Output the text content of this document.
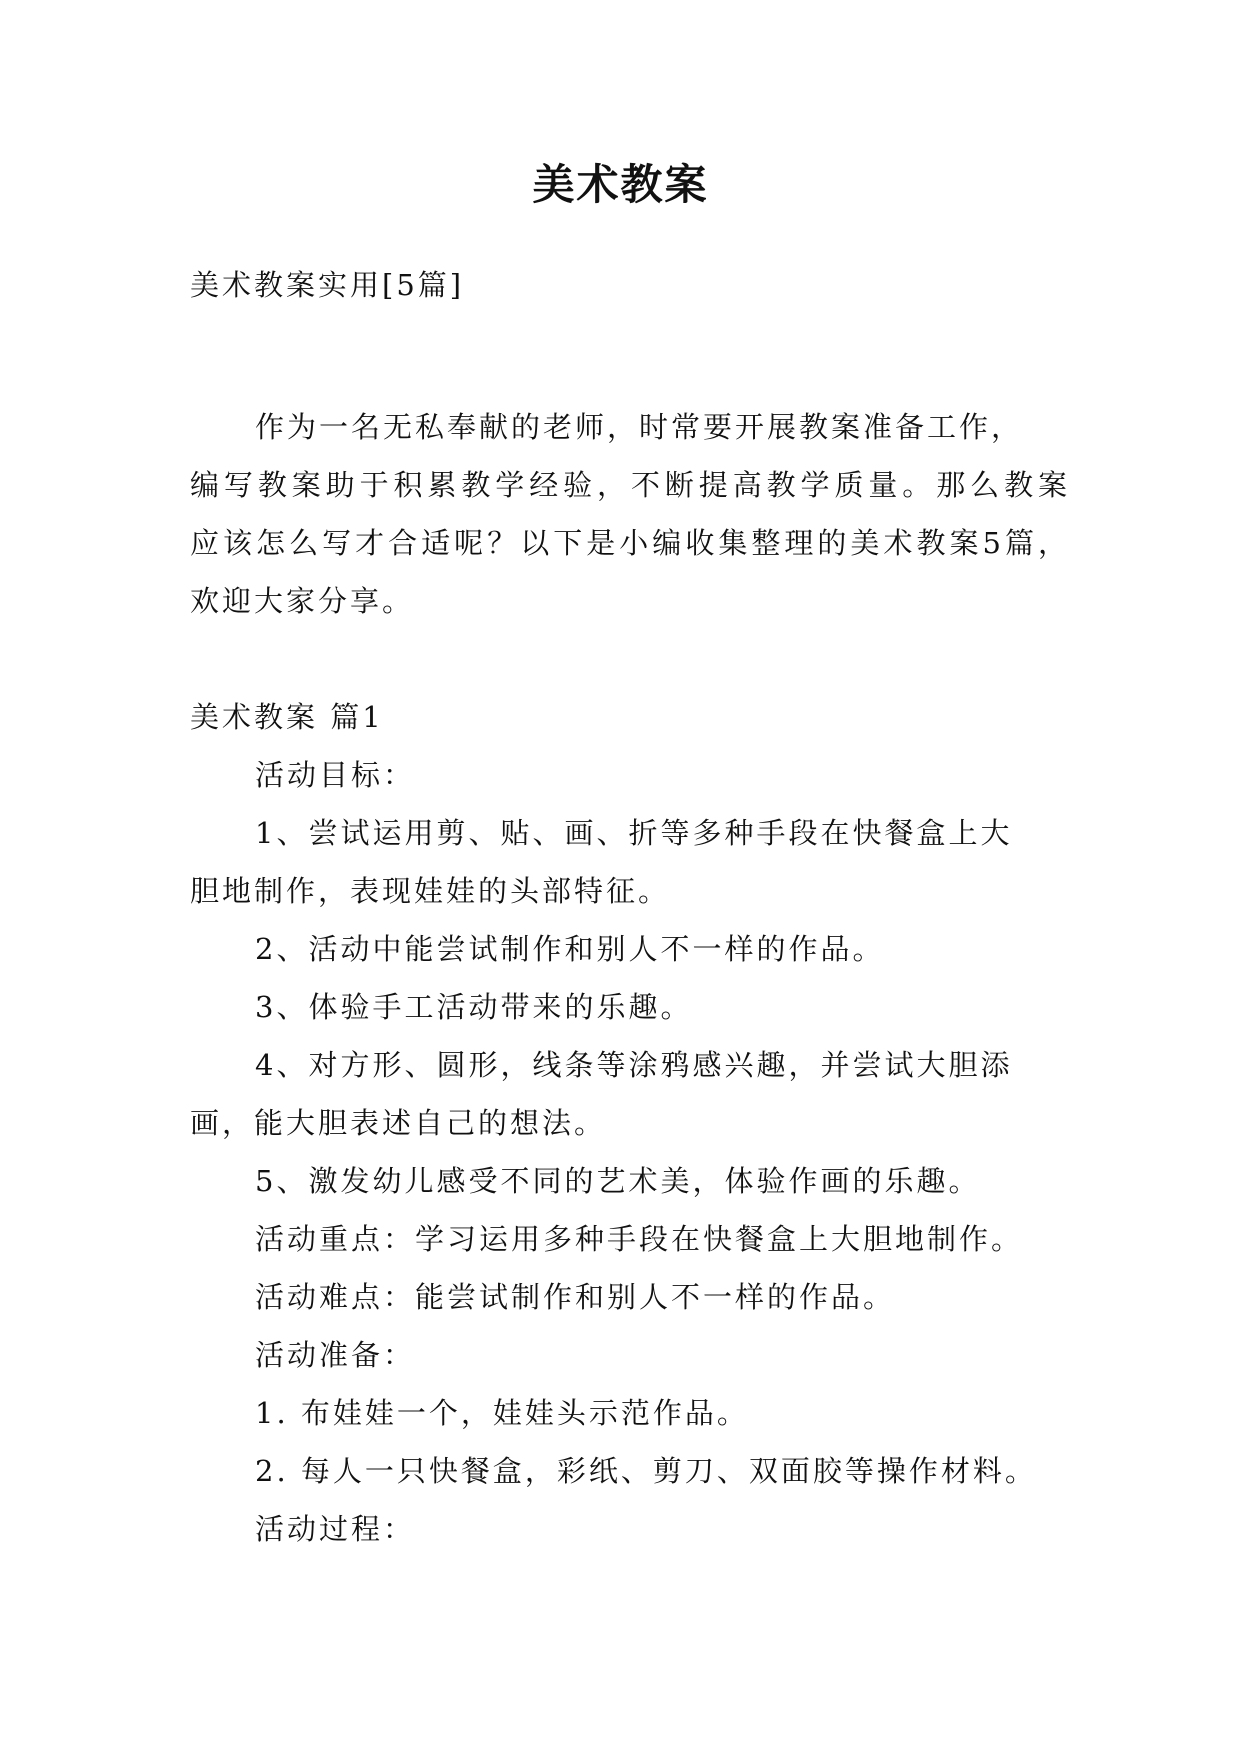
美术教案
美术教案实用[5篇]
作为一名无私奉献的老师，时常要开展教案准备工作，
编写教案助于积累教学经验，不断提高教学质量。那么教案
应该怎么写才合适呢？以下是小编收集整理的美术教案5篇，
欢迎大家分享。
美术教案 篇1
活动目标：
1、尝试运用剪、贴、画、折等多种手段在快餐盒上大
胆地制作，表现娃娃的头部特征。
2、活动中能尝试制作和别人不一样的作品。
3、体验手工活动带来的乐趣。
4、对方形、圆形，线条等涂鸦感兴趣，并尝试大胆添
画，能大胆表述自己的想法。
5、激发幼儿感受不同的艺术美，体验作画的乐趣。
活动重点：学习运用多种手段在快餐盒上大胆地制作。
活动难点：能尝试制作和别人不一样的作品。
活动准备：
1. 布娃娃一个，娃娃头示范作品。
2. 每人一只快餐盒，彩纸、剪刀、双面胶等操作材料。
活动过程：
